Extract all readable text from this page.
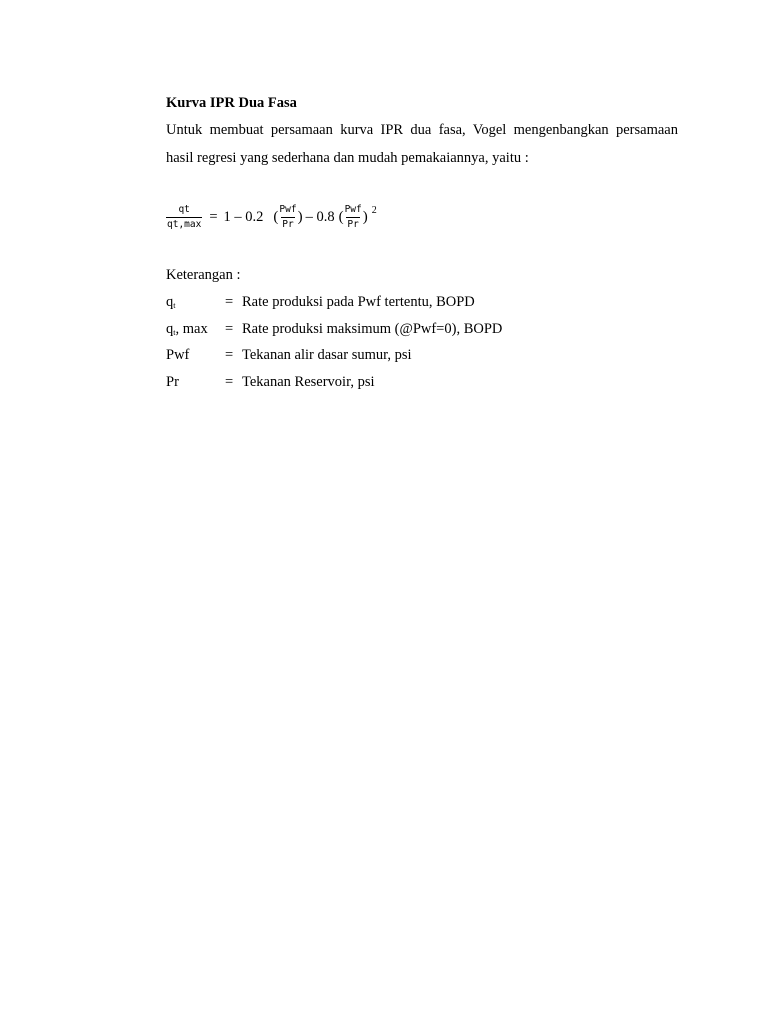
Kurva IPR Dua Fasa
Untuk membuat persamaan kurva IPR dua fasa, Vogel mengenbangkan persamaan
hasil regresi yang sederhana dan mudah pemakaiannya, yaitu :
$\frac{qt}{qt,\max} = 1 - 0.2$ ( $\frac{\text{Pwf}}{Pr}$ ) – 0.8 ( $\frac{\text{Pwf}}{Pr}$ ) 2
Keterangan :
$q_t$	= Rate produksi pada Pwf tertentu, BOPD
$q_t$, max	= Rate produksi maksimum (@Pwf=0), BOPD
Pwf	= Tekanan alir dasar sumur, psi
Pr	= Tekanan Reservoir, psi
